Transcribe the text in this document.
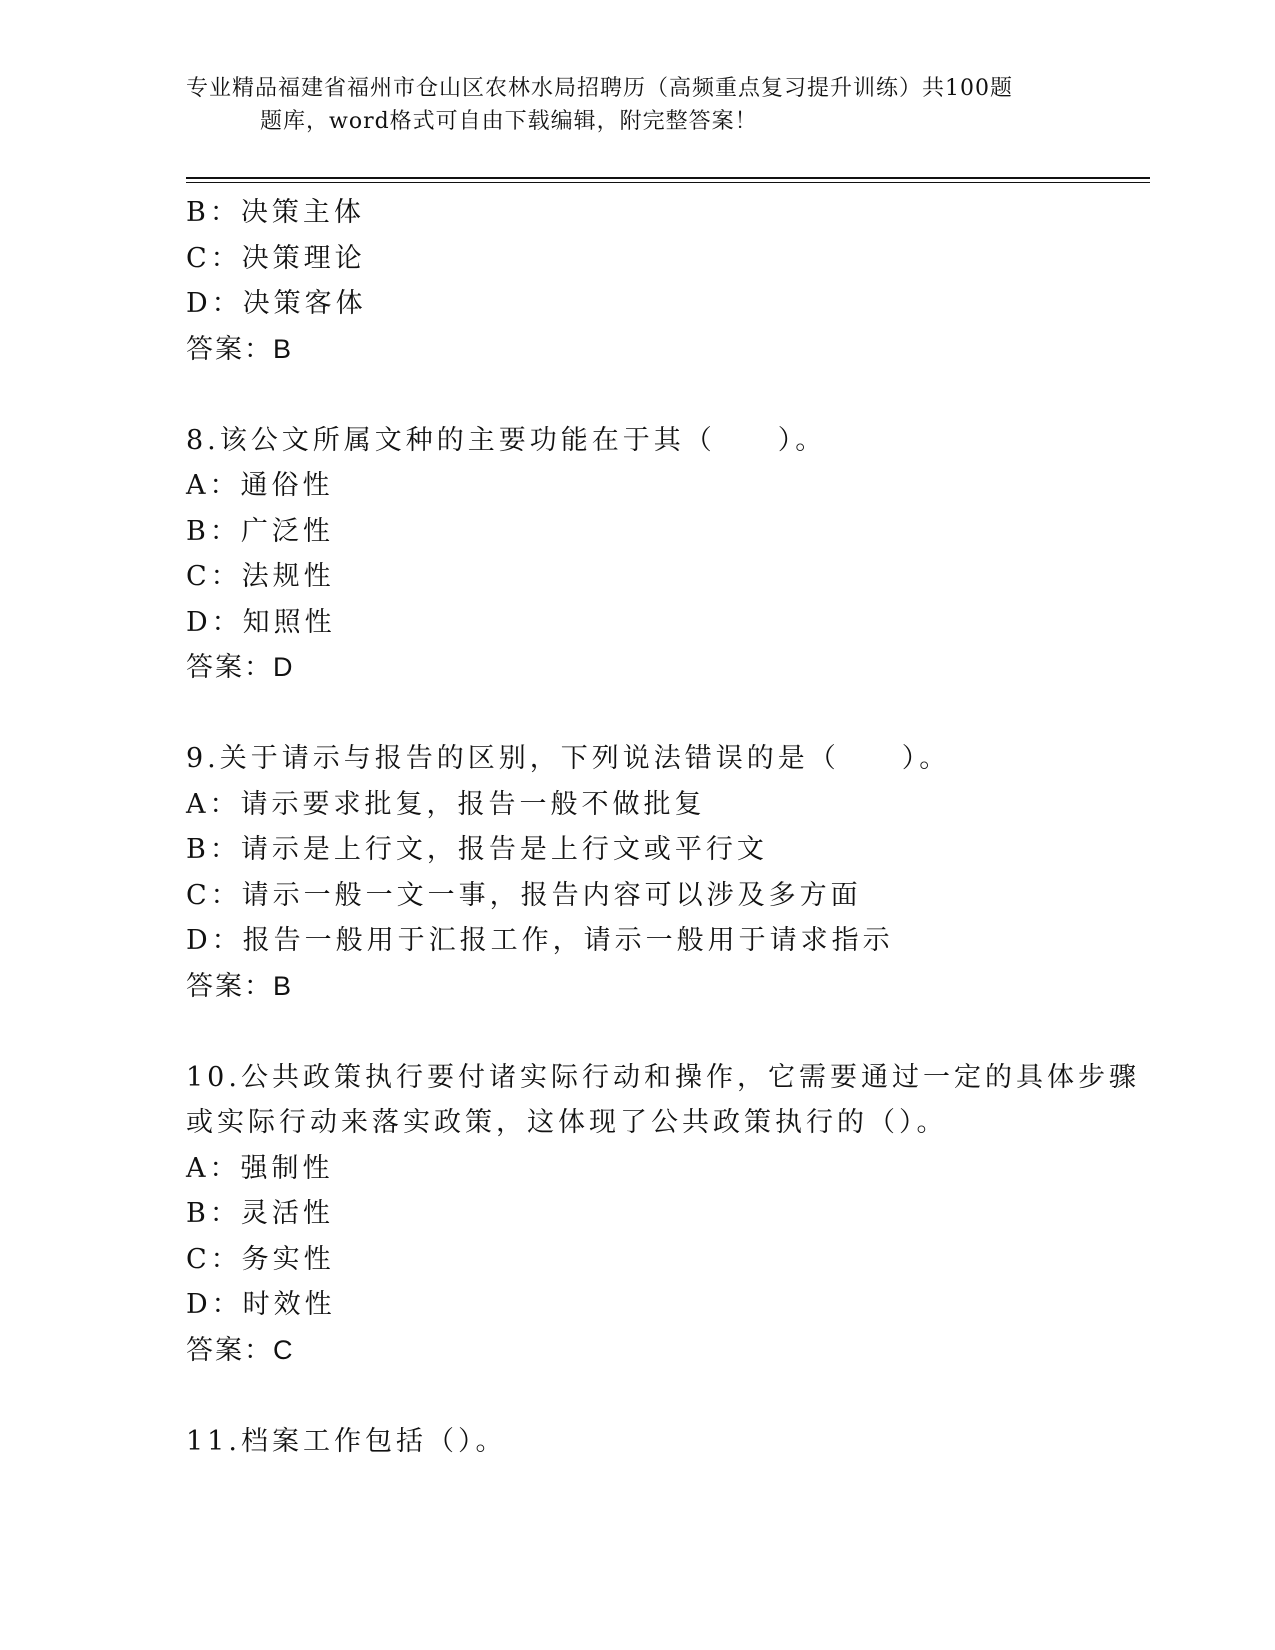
专业精品福建省福州市仓山区农林水局招聘历（高频重点复习提升训练）共100题
题库，word格式可自由下载编辑，附完整答案！
B：决策主体
C：决策理论
D：决策客体
答案：B
8.该公文所属文种的主要功能在于其（　　）。
A：通俗性
B：广泛性
C：法规性
D：知照性
答案：D
9.关于请示与报告的区别，下列说法错误的是（　　）。
A：请示要求批复，报告一般不做批复
B：请示是上行文，报告是上行文或平行文
C：请示一般一文一事，报告内容可以涉及多方面
D：报告一般用于汇报工作，请示一般用于请求指示
答案：B
10.公共政策执行要付诸实际行动和操作，它需要通过一定的具体步骤
或实际行动来落实政策，这体现了公共政策执行的（）。
A：强制性
B：灵活性
C：务实性
D：时效性
答案：C
11.档案工作包括（）。
